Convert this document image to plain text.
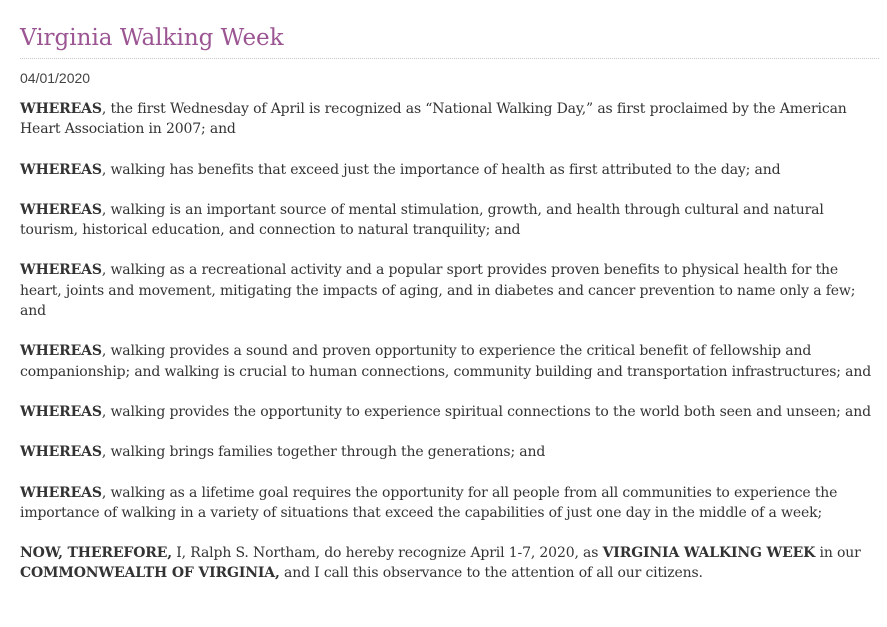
Virginia Walking Week
04/01/2020

WHEREAS, the first Wednesday of April is recognized as “National Walking Day,” as first proclaimed by the American Heart Association in 2007; and

WHEREAS, walking has benefits that exceed just the importance of health as first attributed to the day; and

WHEREAS, walking is an important source of mental stimulation, growth, and health through cultural and natural tourism, historical education, and connection to natural tranquility; and

WHEREAS, walking as a recreational activity and a popular sport provides proven benefits to physical health for the heart, joints and movement, mitigating the impacts of aging, and in diabetes and cancer prevention to name only a few; and

WHEREAS, walking provides a sound and proven opportunity to experience the critical benefit of fellowship and companionship; and walking is crucial to human connections, community building and transportation infrastructures; and

WHEREAS, walking provides the opportunity to experience spiritual connections to the world both seen and unseen; and

WHEREAS, walking brings families together through the generations; and

WHEREAS, walking as a lifetime goal requires the opportunity for all people from all communities to experience the importance of walking in a variety of situations that exceed the capabilities of just one day in the middle of a week;

NOW, THEREFORE, I, Ralph S. Northam, do hereby recognize April 1-7, 2020, as VIRGINIA WALKING WEEK in our COMMONWEALTH OF VIRGINIA, and I call this observance to the attention of all our citizens.
